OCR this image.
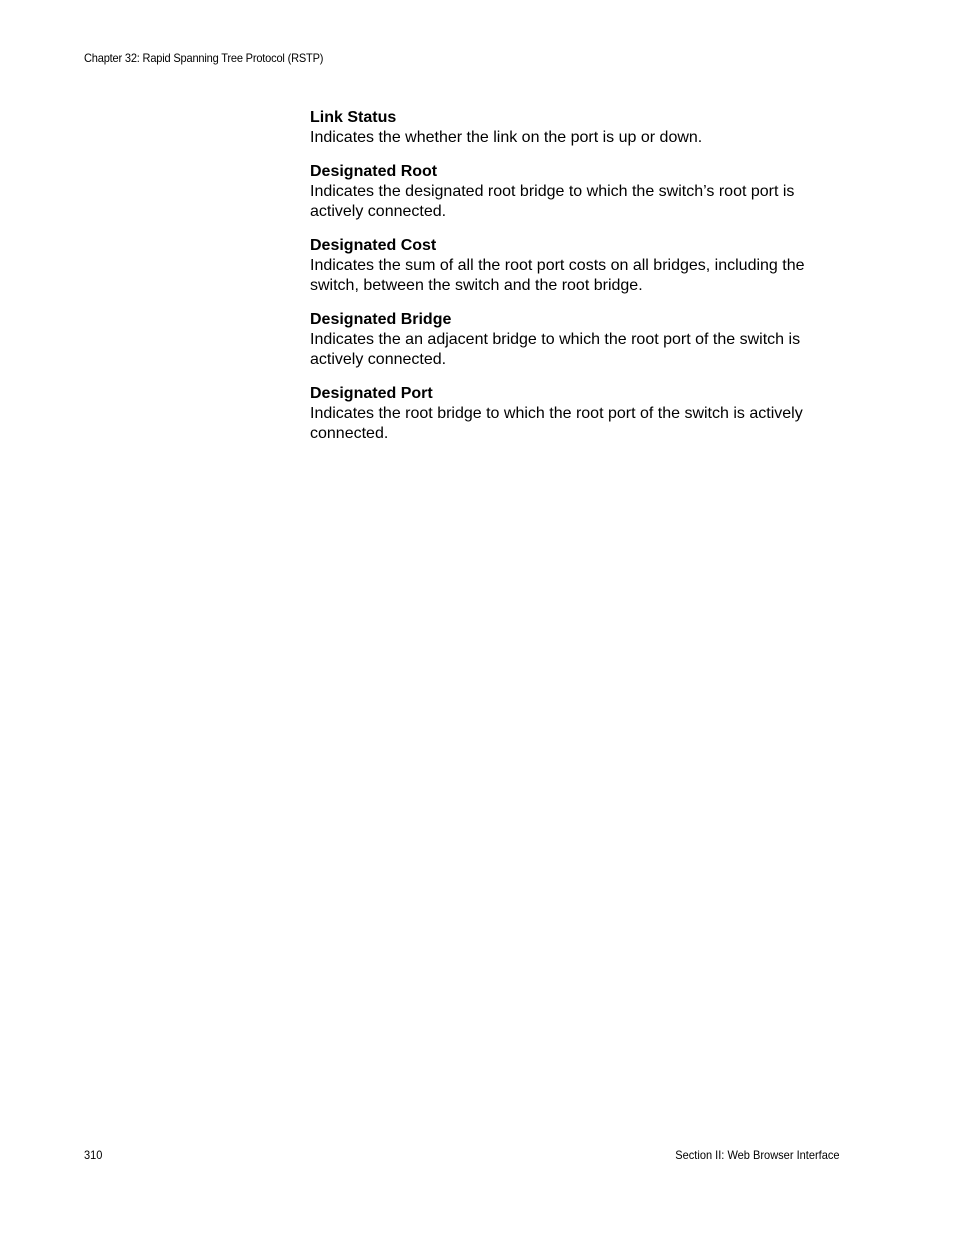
Chapter 32: Rapid Spanning Tree Protocol (RSTP)

Link Status

Indicates the whether the link on the port is up or down.

Designated Root

Indicates the designated root bridge to which the switch’s root port is actively connected.

Designated Cost

Indicates the sum of all the root port costs on all bridges, including the switch, between the switch and the root bridge.

Designated Bridge

Indicates the an adjacent bridge to which the root port of the switch is actively connected.

Designated Port

Indicates the root bridge to which the root port of the switch is actively connected.

310	Section II: Web Browser Interface
